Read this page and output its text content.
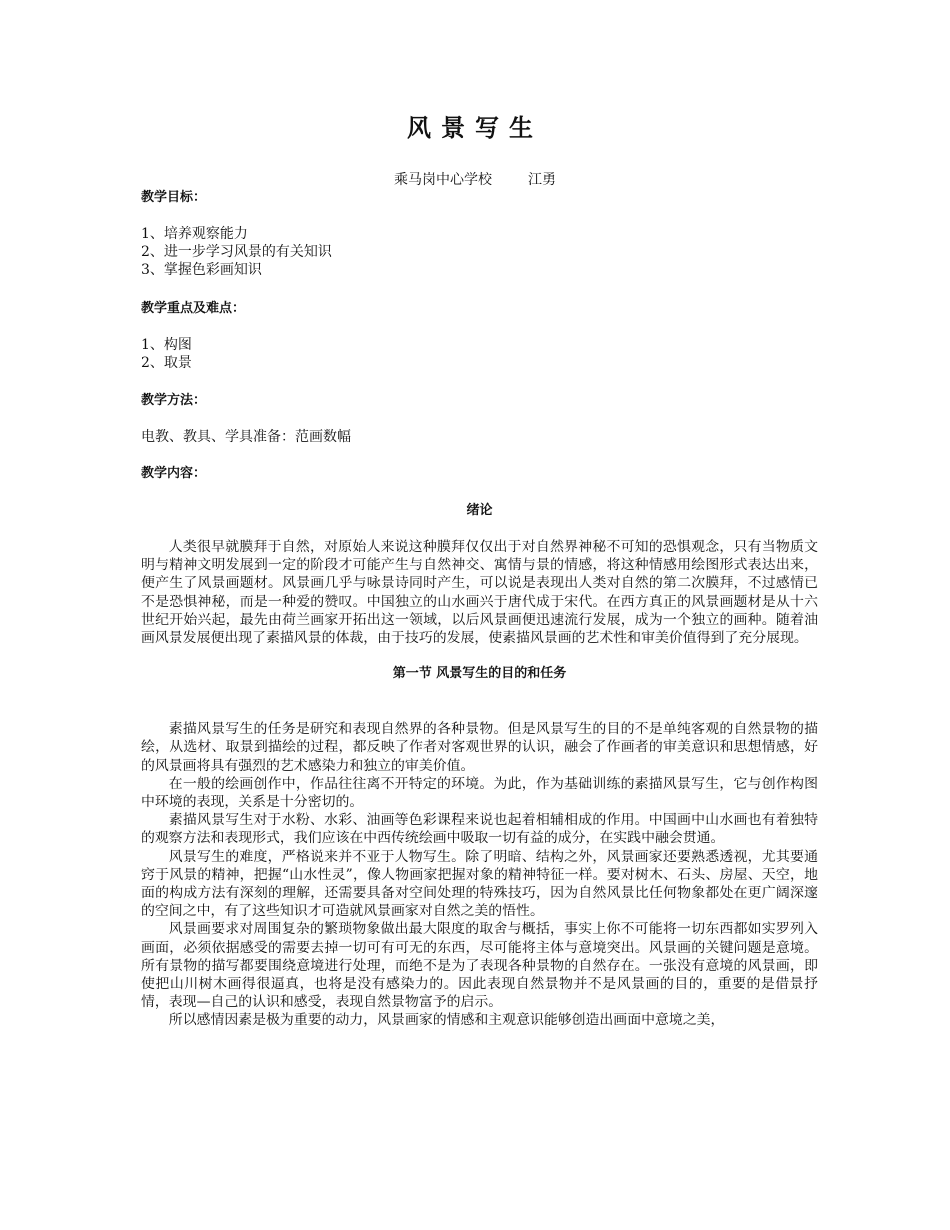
风景写生
乘马岗中心学校	江勇

教学目标：

1、培养观察能力
2、进一步学习风景的有关知识
3、掌握色彩画知识

教学重点及难点：

1、构图
2、取景

教学方法：

电教、教具、学具准备：范画数幅

教学内容：

绪论

人类很早就膜拜于自然，对原始人来说这种膜拜仅仅出于对自然界神秘不可知的恐惧观念，只有当物质文明与精神文明发展到一定的阶段才可能产生与自然神交、寓情与景的情感，将这种情感用绘图形式表达出来，便产生了风景画题材。风景画几乎与咏景诗同时产生，可以说是表现出人类对自然的第二次膜拜，不过感情已不是恐惧神秘，而是一种爱的赞叹。中国独立的山水画兴于唐代成于宋代。在西方真正的风景画题材是从十六世纪开始兴起，最先由荷兰画家开拓出这一领域，以后风景画便迅速流行发展，成为一个独立的画种。随着油画风景发展便出现了素描风景的体裁，由于技巧的发展，使素描风景画的艺术性和审美价值得到了充分展现。

第一节 风景写生的目的和任务

素描风景写生的任务是研究和表现自然界的各种景物。但是风景写生的目的不是单纯客观的自然景物的描绘，从选材、取景到描绘的过程，都反映了作者对客观世界的认识，融会了作画者的审美意识和思想情感，好的风景画将具有强烈的艺术感染力和独立的审美价值。

在一般的绘画创作中，作品往往离不开特定的环境。为此，作为基础训练的素描风景写生，它与创作构图中环境的表现，关系是十分密切的。

素描风景写生对于水粉、水彩、油画等色彩课程来说也起着相辅相成的作用。中国画中山水画也有着独特的观察方法和表现形式，我们应该在中西传统绘画中吸取一切有益的成分，在实践中融会贯通。

风景写生的难度，严格说来并不亚于人物写生。除了明暗、结构之外，风景画家还要熟悉透视，尤其要通窍于风景的精神，把握“山水性灵”，像人物画家把握对象的精神特征一样。要对树木、石头、房屋、天空，地面的构成方法有深刻的理解，还需要具备对空间处理的特殊技巧，因为自然风景比任何物象都处在更广阔深邃的空间之中，有了这些知识才可造就风景画家对自然之美的悟性。

风景画要求对周围复杂的繁琐物象做出最大限度的取舍与概括，事实上你不可能将一切东西都如实罗列入画面，必须依据感受的需要去掉一切可有可无的东西，尽可能将主体与意境突出。风景画的关键问题是意境。所有景物的描写都要围绕意境进行处理，而绝不是为了表现各种景物的自然存在。一张没有意境的风景画，即使把山川树木画得很逼真，也将是没有感染力的。因此表现自然景物并不是风景画的目的，重要的是借景抒情，表现—自己的认识和感受，表现自然景物富予的启示。

所以感情因素是极为重要的动力，风景画家的情感和主观意识能够创造出画面中意境之美，
